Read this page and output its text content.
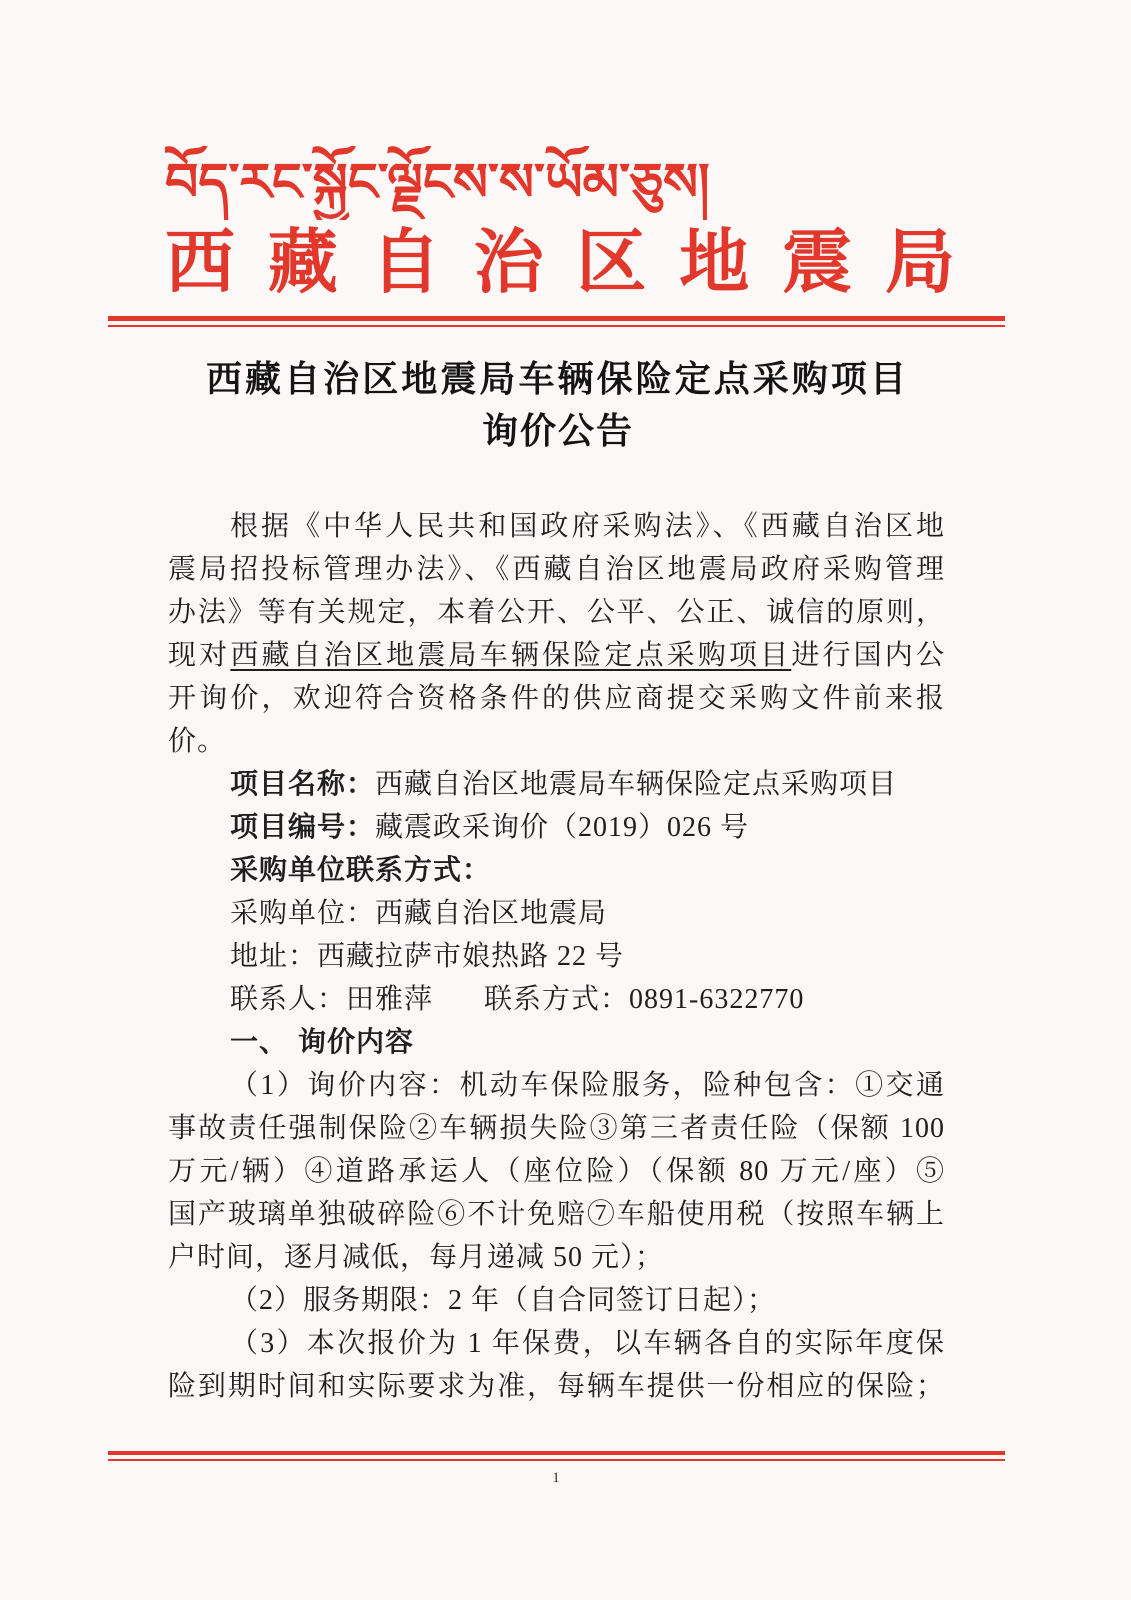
བོད་རང་སྐྱོང་ལྗོངས་ས་ཡོམ་ཅུས།
西藏自治区地震局
西藏自治区地震局车辆保险定点采购项目
询价公告
根据《中华人民共和国政府采购法》、《西藏自治区地
震局招投标管理办法》、《西藏自治区地震局政府采购管理
办法》等有关规定，本着公开、公平、公正、诚信的原则，
现对西藏自治区地震局车辆保险定点采购项目进行国内公
开询价，欢迎符合资格条件的供应商提交采购文件前来报
价。
项目名称：西藏自治区地震局车辆保险定点采购项目
项目编号：藏震政采询价（2019）026 号
采购单位联系方式：
采购单位：西藏自治区地震局
地址：西藏拉萨市娘热路 22 号
联系人：田雅萍 联系方式：0891-6322770
一、 询价内容
（1）询价内容：机动车保险服务，险种包含：①交通
事故责任强制保险②车辆损失险③第三者责任险（保额 100
万元/辆）④道路承运人（座位险）（保额 80 万元/座）⑤
国产玻璃单独破碎险⑥不计免赔⑦车船使用税（按照车辆上
户时间，逐月减低，每月递减 50 元）；
（2）服务期限：2 年（自合同签订日起）；
（3）本次报价为 1 年保费，以车辆各自的实际年度保
险到期时间和实际要求为准，每辆车提供一份相应的保险；
1
